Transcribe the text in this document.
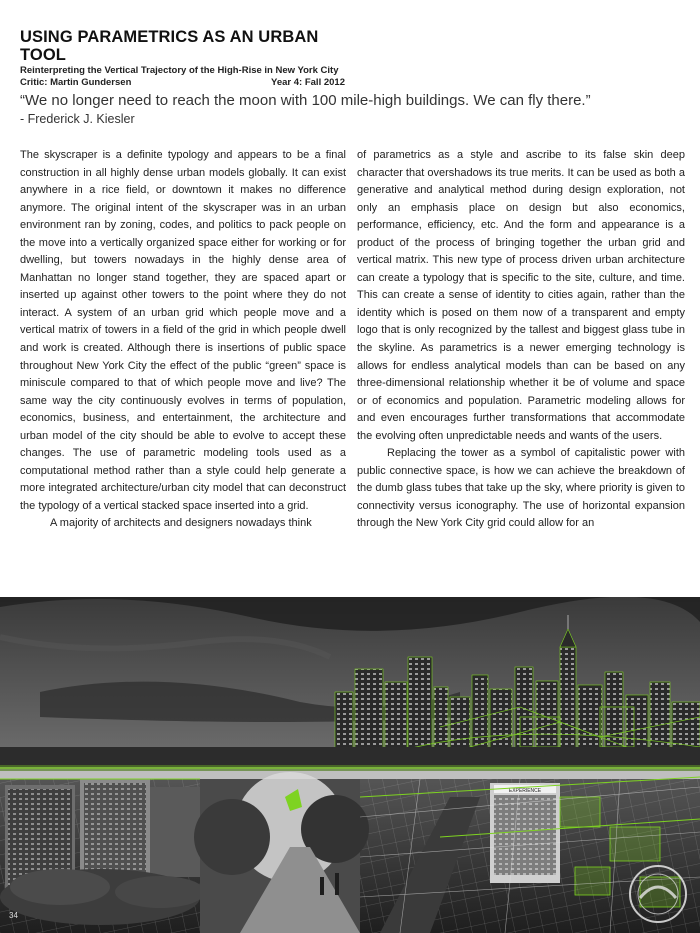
USING PARAMETRICS AS AN URBAN TOOL
Reinterpreting the Vertical Trajectory of the High-Rise in New York City
Critic: Martin Gundersen	Year 4: Fall 2012
“We no longer need to reach the moon with 100 mile-high buildings. We can fly there.”
- Frederick J. Kiesler

The skyscraper is a definite typology and appears to be a final construction in all highly dense urban models globally. It can exist anywhere in a rice field, or downtown it makes no difference anymore. The original intent of the skyscraper was in an urban environment ran by zoning, codes, and politics to pack people on the move into a vertically organized space either for working or for dwelling, but towers nowadays in the highly dense area of Manhattan no longer stand together, they are spaced apart or inserted up against other towers to the point where they do not interact. A system of an urban grid which people move and a vertical matrix of towers in a field of the grid in which people dwell and work is created. Although there is insertions of public space throughout New York City the effect of the public “green” space is miniscule compared to that of which people move and live? The same way the city continuously evolves in terms of population, economics, business, and entertainment, the architecture and urban model of the city should be able to evolve to accept these changes. The use of parametric modeling tools used as a computational method rather than a style could help generate a more integrated architecture/urban city model that can deconstruct the typology of a vertical stacked space inserted into a grid.

A majority of architects and designers nowadays think

of parametrics as a style and ascribe to its false skin deep character that overshadows its true merits. It can be used as both a generative and analytical method during design exploration, not only an emphasis place on design but also economics, performance, efficiency, etc. And the form and appearance is a product of the process of bringing together the urban grid and vertical matrix. This new type of process driven urban architecture can create a typology that is specific to the site, culture, and time. This can create a sense of identity to cities again, rather than the identity which is posed on them now of a transparent and empty logo that is only recognized by the tallest and biggest glass tube in the skyline. As parametrics is a newer emerging technology is allows for endless analytical models than can be based on any three-dimensional relationship whether it be of volume and space or of economics and population. Parametric modeling allows for and even encourages further transformations that accommodate the evolving often unpredictable needs and wants of the users.

Replacing the tower as a symbol of capitalistic power with public connective space, is how we can achieve the breakdown of the dumb glass tubes that take up the sky, where priority is given to connectivity versus iconography. The use of horizontal expansion through the New York City grid could allow for an

EXPERIENCE
34
